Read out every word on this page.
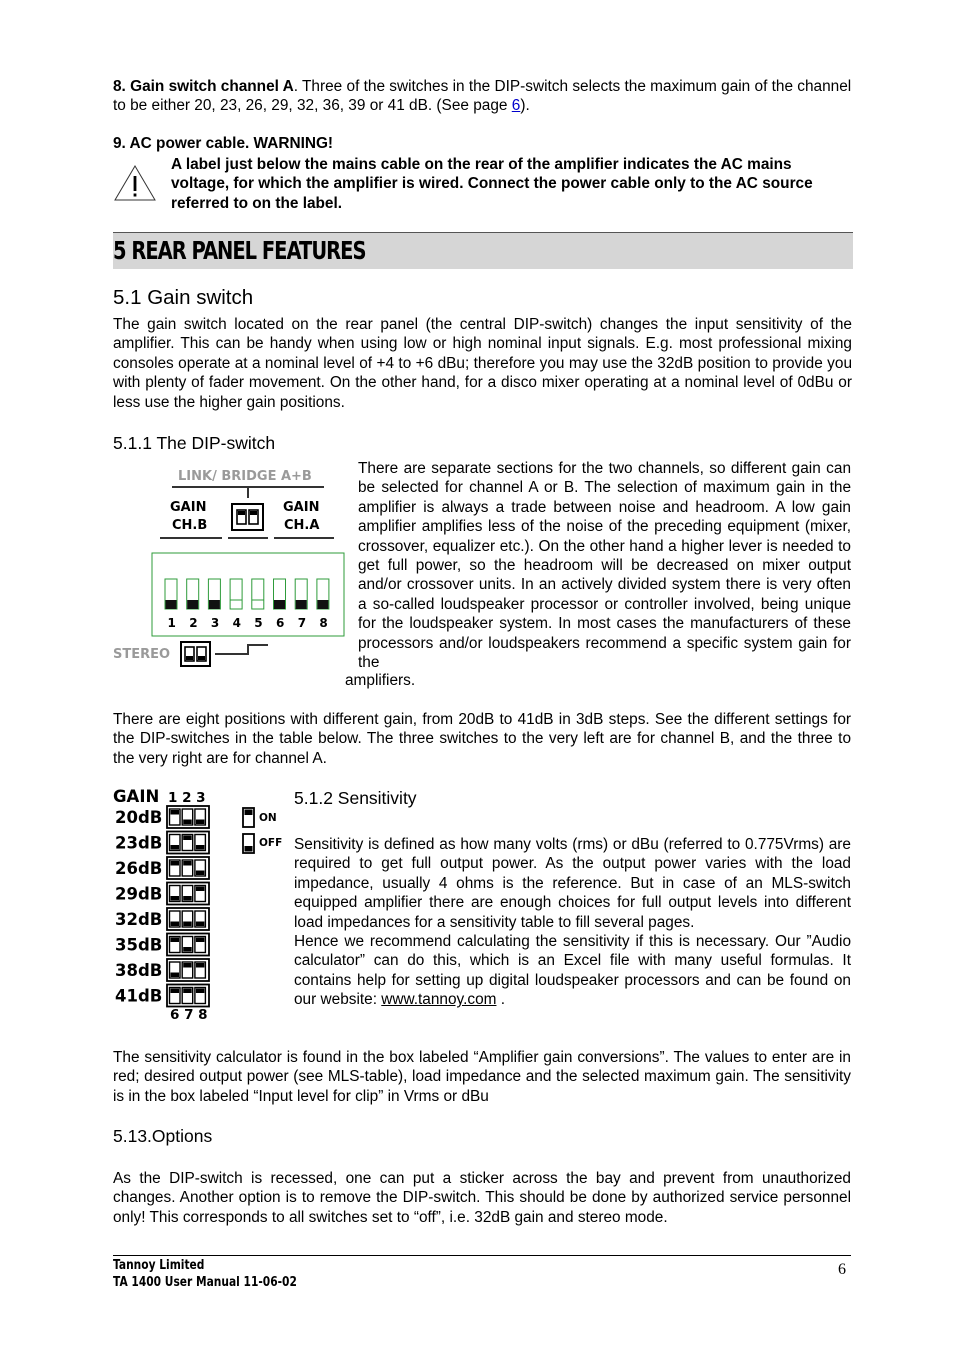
8. Gain switch channel A. Three of the switches in the DIP-switch selects the maximum gain of the channel to be either 20, 23, 26, 29, 32, 36, 39 or 41 dB. (See page 6).
9. AC power cable. WARNING!
A label just below the mains cable on the rear of the amplifier indicates the AC mains voltage, for which the amplifier is wired. Connect the power cable only to the AC source referred to on the label.
5 REAR PANEL FEATURES
5.1 Gain switch
The gain switch located on the rear panel (the central DIP-switch) changes the input sensitivity of the amplifier. This can be handy when using low or high nominal input signals. E.g. most professional mixing consoles operate at a nominal level of +4 to +6 dBu; therefore you may use the 32dB position to provide you with plenty of fader movement. On the other hand, for a disco mixer operating at a nominal level of 0dBu or less use the higher gain positions.
5.1.1 The DIP-switch
LINK/ BRIDGE A+B
GAIN
CH.B
GAIN
CH.A
1 2 3 4 5 6 7 8
STEREO
There are separate sections for the two channels, so different gain can be selected for channel A or B. The selection of maximum gain in the amplifier is always a trade between noise and headroom. A low gain amplifier amplifies less of the noise of the preceding equipment (mixer, crossover, equalizer etc.). On the other hand a higher lever is needed to get full power, so the headroom will be decreased on mixer output and/or crossover units. In an actively divided system there is very often a so-called loudspeaker processor or controller involved, being unique for the loudspeaker system. In most cases the manufacturers of these processors and/or loudspeakers recommend a specific system gain for the
amplifiers.
There are eight positions with different gain, from 20dB to 41dB in 3dB steps. See the different settings for the DIP-switches in the table below. The three switches to the very left are for channel B, and the three to the very right are for channel A.
GAIN 1 2 3
20dB
23dB
26dB
29dB
32dB
35dB
38dB
41dB
6 7 8
ON
OFF
5.1.2 Sensitivity
Sensitivity is defined as how many volts (rms) or dBu (referred to 0.775Vrms) are required to get full output power. As the output power varies with the load impedance, usually 4 ohms is the reference. But in case of an MLS-switch equipped amplifier there are enough choices for full output levels into different load impedances for a sensitivity table to fill several pages.
Hence we recommend calculating the sensitivity if this is necessary. Our ”Audio calculator” can do this, which is an Excel file with many useful formulas. It contains help for setting up digital loudspeaker processors and can be found on our website: www.tannoy.com .
The sensitivity calculator is found in the box labeled “Amplifier gain conversions”. The values to enter are in red; desired output power (see MLS-table), load impedance and the selected maximum gain. The sensitivity is in the box labeled “Input level for clip” in Vrms or dBu
5.13.Options
As the DIP-switch is recessed, one can put a sticker across the bay and prevent from unauthorized changes. Another option is to remove the DIP-switch. This should be done by authorized service personnel only! This corresponds to all switches set to “off”, i.e. 32dB gain and stereo mode.
Tannoy Limited
TA 1400 User Manual 11-06-02
6
